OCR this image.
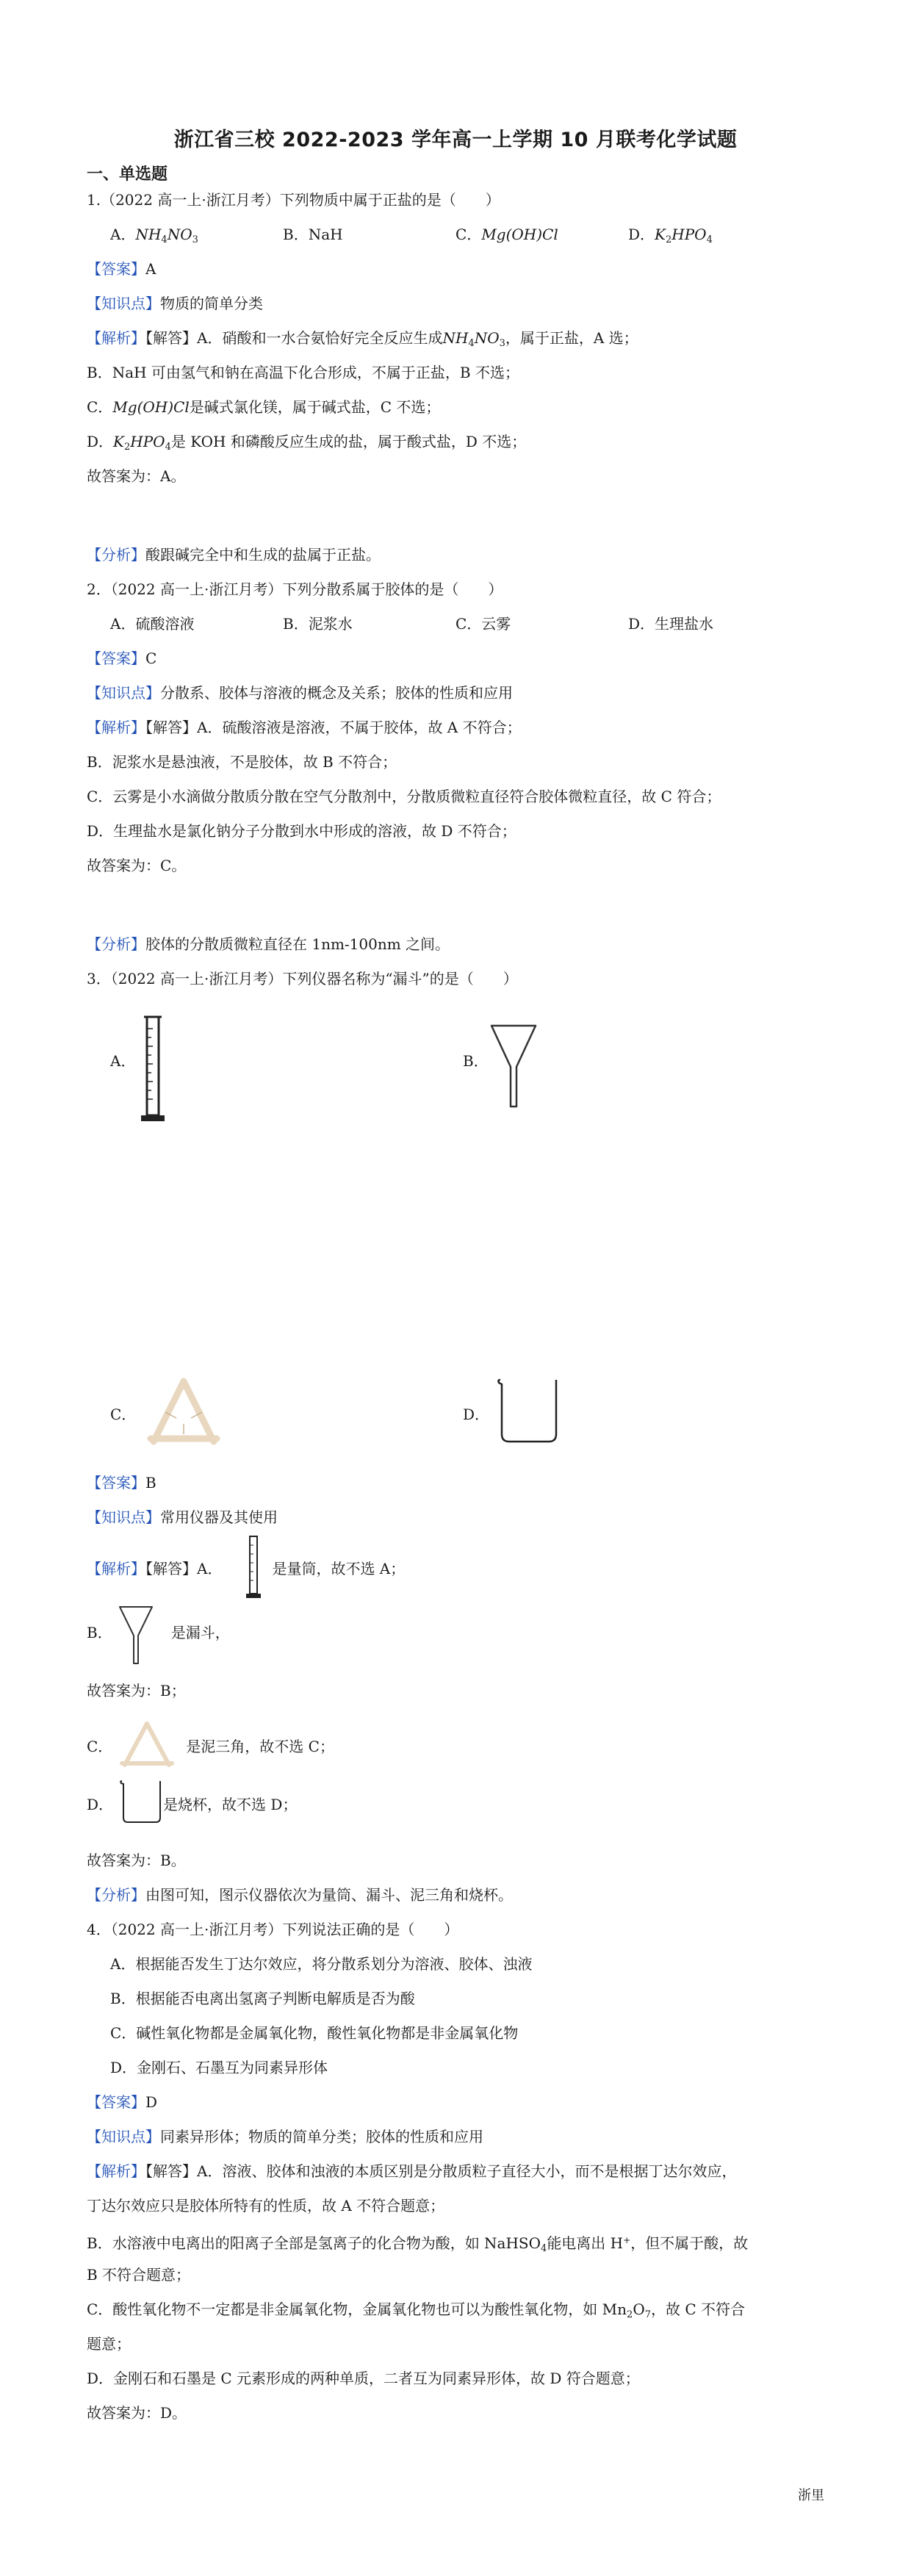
浙江省三校 2022-2023 学年高一上学期 10 月联考化学试题
一、单选题
1.（2022 高一上·浙江月考）下列物质中属于正盐的是（　　）
A．$NH_4NO_3$	B．NaH	C．Mg(OH)Cl	D．$K_2HPO_4$
【答案】A
【知识点】物质的简单分类
【解析】【解答】A．硝酸和一水合氨恰好完全反应生成$NH_4NO_3$，属于正盐，A 选；
B．NaH 可由氢气和钠在高温下化合形成，不属于正盐，B 不选；
C．Mg(OH)Cl是碱式氯化镁，属于碱式盐，C 不选；
D．$K_2HPO_4$是 KOH 和磷酸反应生成的盐，属于酸式盐，D 不选；
故答案为：A。
【分析】酸跟碱完全中和生成的盐属于正盐。
2．（2022 高一上·浙江月考）下列分散系属于胶体的是（　　）
A．硫酸溶液	B．泥浆水	C．云雾	D．生理盐水
【答案】C
【知识点】分散系、胶体与溶液的概念及关系；胶体的性质和应用
【解析】【解答】A．硫酸溶液是溶液，不属于胶体，故 A 不符合；
B．泥浆水是悬浊液，不是胶体，故 B 不符合；
C．云雾是小水滴做分散质分散在空气分散剂中，分散质微粒直径符合胶体微粒直径，故 C 符合；
D．生理盐水是氯化钠分子分散到水中形成的溶液，故 D 不符合；
故答案为：C。
【分析】胶体的分散质微粒直径在 1nm-100nm 之间。
3．（2022 高一上·浙江月考）下列仪器名称为“漏斗”的是（　　）
A．	B．
C．	D．
【答案】B
【知识点】常用仪器及其使用
【解析】【解答】A．	是量筒，故不选 A；
B．	是漏斗，
故答案为：B；
C．	是泥三角，故不选 C；
D．	是烧杯，故不选 D；
故答案为：B。
【分析】由图可知，图示仪器依次为量筒、漏斗、泥三角和烧杯。
4．（2022 高一上·浙江月考）下列说法正确的是（　　）
A．根据能否发生丁达尔效应，将分散系划分为溶液、胶体、浊液
B．根据能否电离出氢离子判断电解质是否为酸
C．碱性氧化物都是金属氧化物，酸性氧化物都是非金属氧化物
D．金刚石、石墨互为同素异形体
【答案】D
【知识点】同素异形体；物质的简单分类；胶体的性质和应用
【解析】【解答】A．溶液、胶体和浊液的本质区别是分散质粒子直径大小，而不是根据丁达尔效应，
丁达尔效应只是胶体所特有的性质，故 A 不符合题意；
B．水溶液中电离出的阳离子全部是氢离子的化合物为酸，如 NaHSO$_4$能电离出 H+，但不属于酸，故
B 不符合题意；
C．酸性氧化物不一定都是非金属氧化物，金属氧化物也可以为酸性氧化物，如 $Mn_2O_7$，故 C 不符合
题意；
D．金刚石和石墨是 C 元素形成的两种单质，二者互为同素异形体，故 D 符合题意；
故答案为：D。
浙里
